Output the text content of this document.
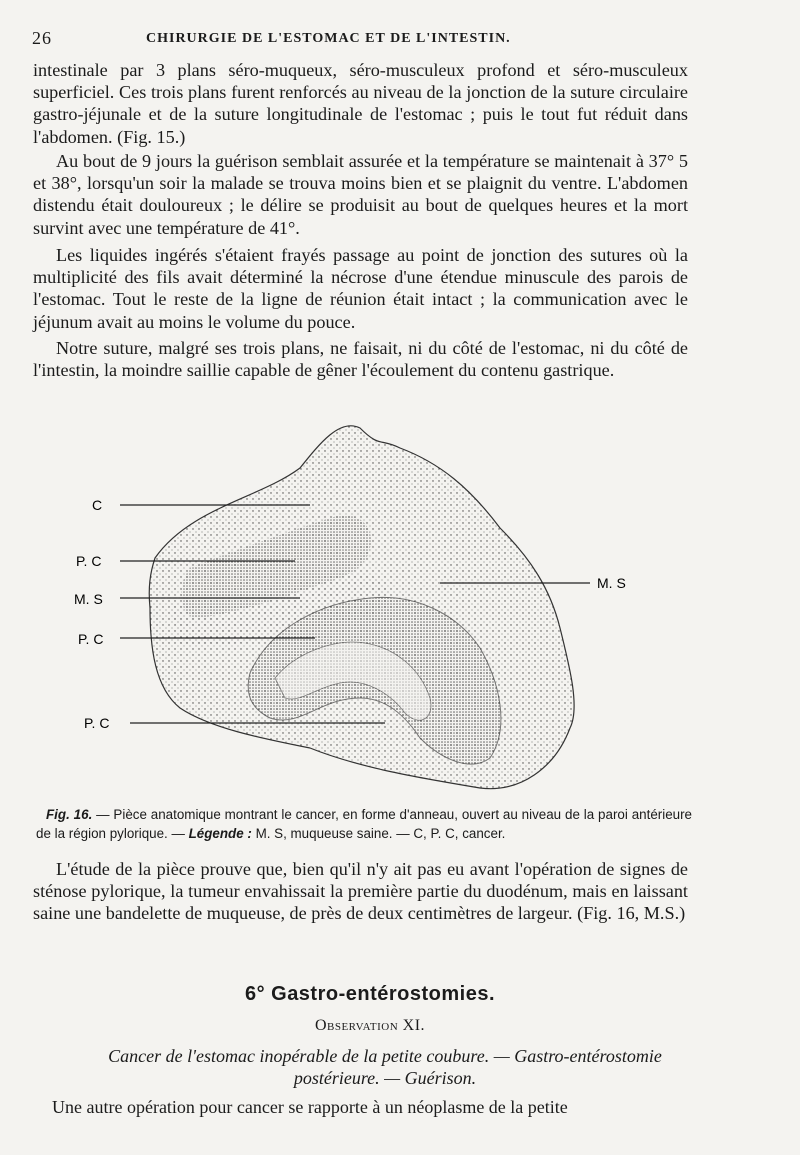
26	CHIRURGIE DE L'ESTOMAC ET DE L'INTESTIN.

intestinale par 3 plans séro-muqueux, séro-musculeux profond et séro-musculeux superficiel. Ces trois plans furent renforcés au niveau de la jonction de la suture circulaire gastro-jéjunale et de la suture longitudinale de l'estomac ; puis le tout fut réduit dans l'abdomen. (Fig. 15.)

Au bout de 9 jours la guérison semblait assurée et la température se maintenait à 37° 5 et 38°, lorsqu'un soir la malade se trouva moins bien et se plaignit du ventre. L'abdomen distendu était douloureux ; le délire se produisit au bout de quelques heures et la mort survint avec une température de 41°.

Les liquides ingérés s'étaient frayés passage au point de jonction des sutures où la multiplicité des fils avait déterminé la nécrose d'une étendue minuscule des parois de l'estomac. Tout le reste de la ligne de réunion était intact ; la communication avec le jéjunum avait au moins le volume du pouce.

Notre suture, malgré ses trois plans, ne faisait, ni du côté de l'estomac, ni du côté de l'intestin, la moindre saillie capable de gêner l'écoulement du contenu gastrique.

C
P. C
M. S
P. C
P. C
M. S

Fig. 16. — Pièce anatomique montrant le cancer, en forme d'anneau, ouvert au niveau de la paroi antérieure de la région pylorique. — Légende : M. S, muqueuse saine. — C, P. C, cancer.

L'étude de la pièce prouve que, bien qu'il n'y ait pas eu avant l'opération de signes de sténose pylorique, la tumeur envahissait la première partie du duodénum, mais en laissant saine une bandelette de muqueuse, de près de deux centimètres de largeur. (Fig. 16, M.S.)

6° Gastro-entérostomies.
Observation XI.

Cancer de l'estomac inopérable de la petite coubure. — Gastro-entérostomie postérieure. — Guérison.

Une autre opération pour cancer se rapporte à un néoplasme de la petite
